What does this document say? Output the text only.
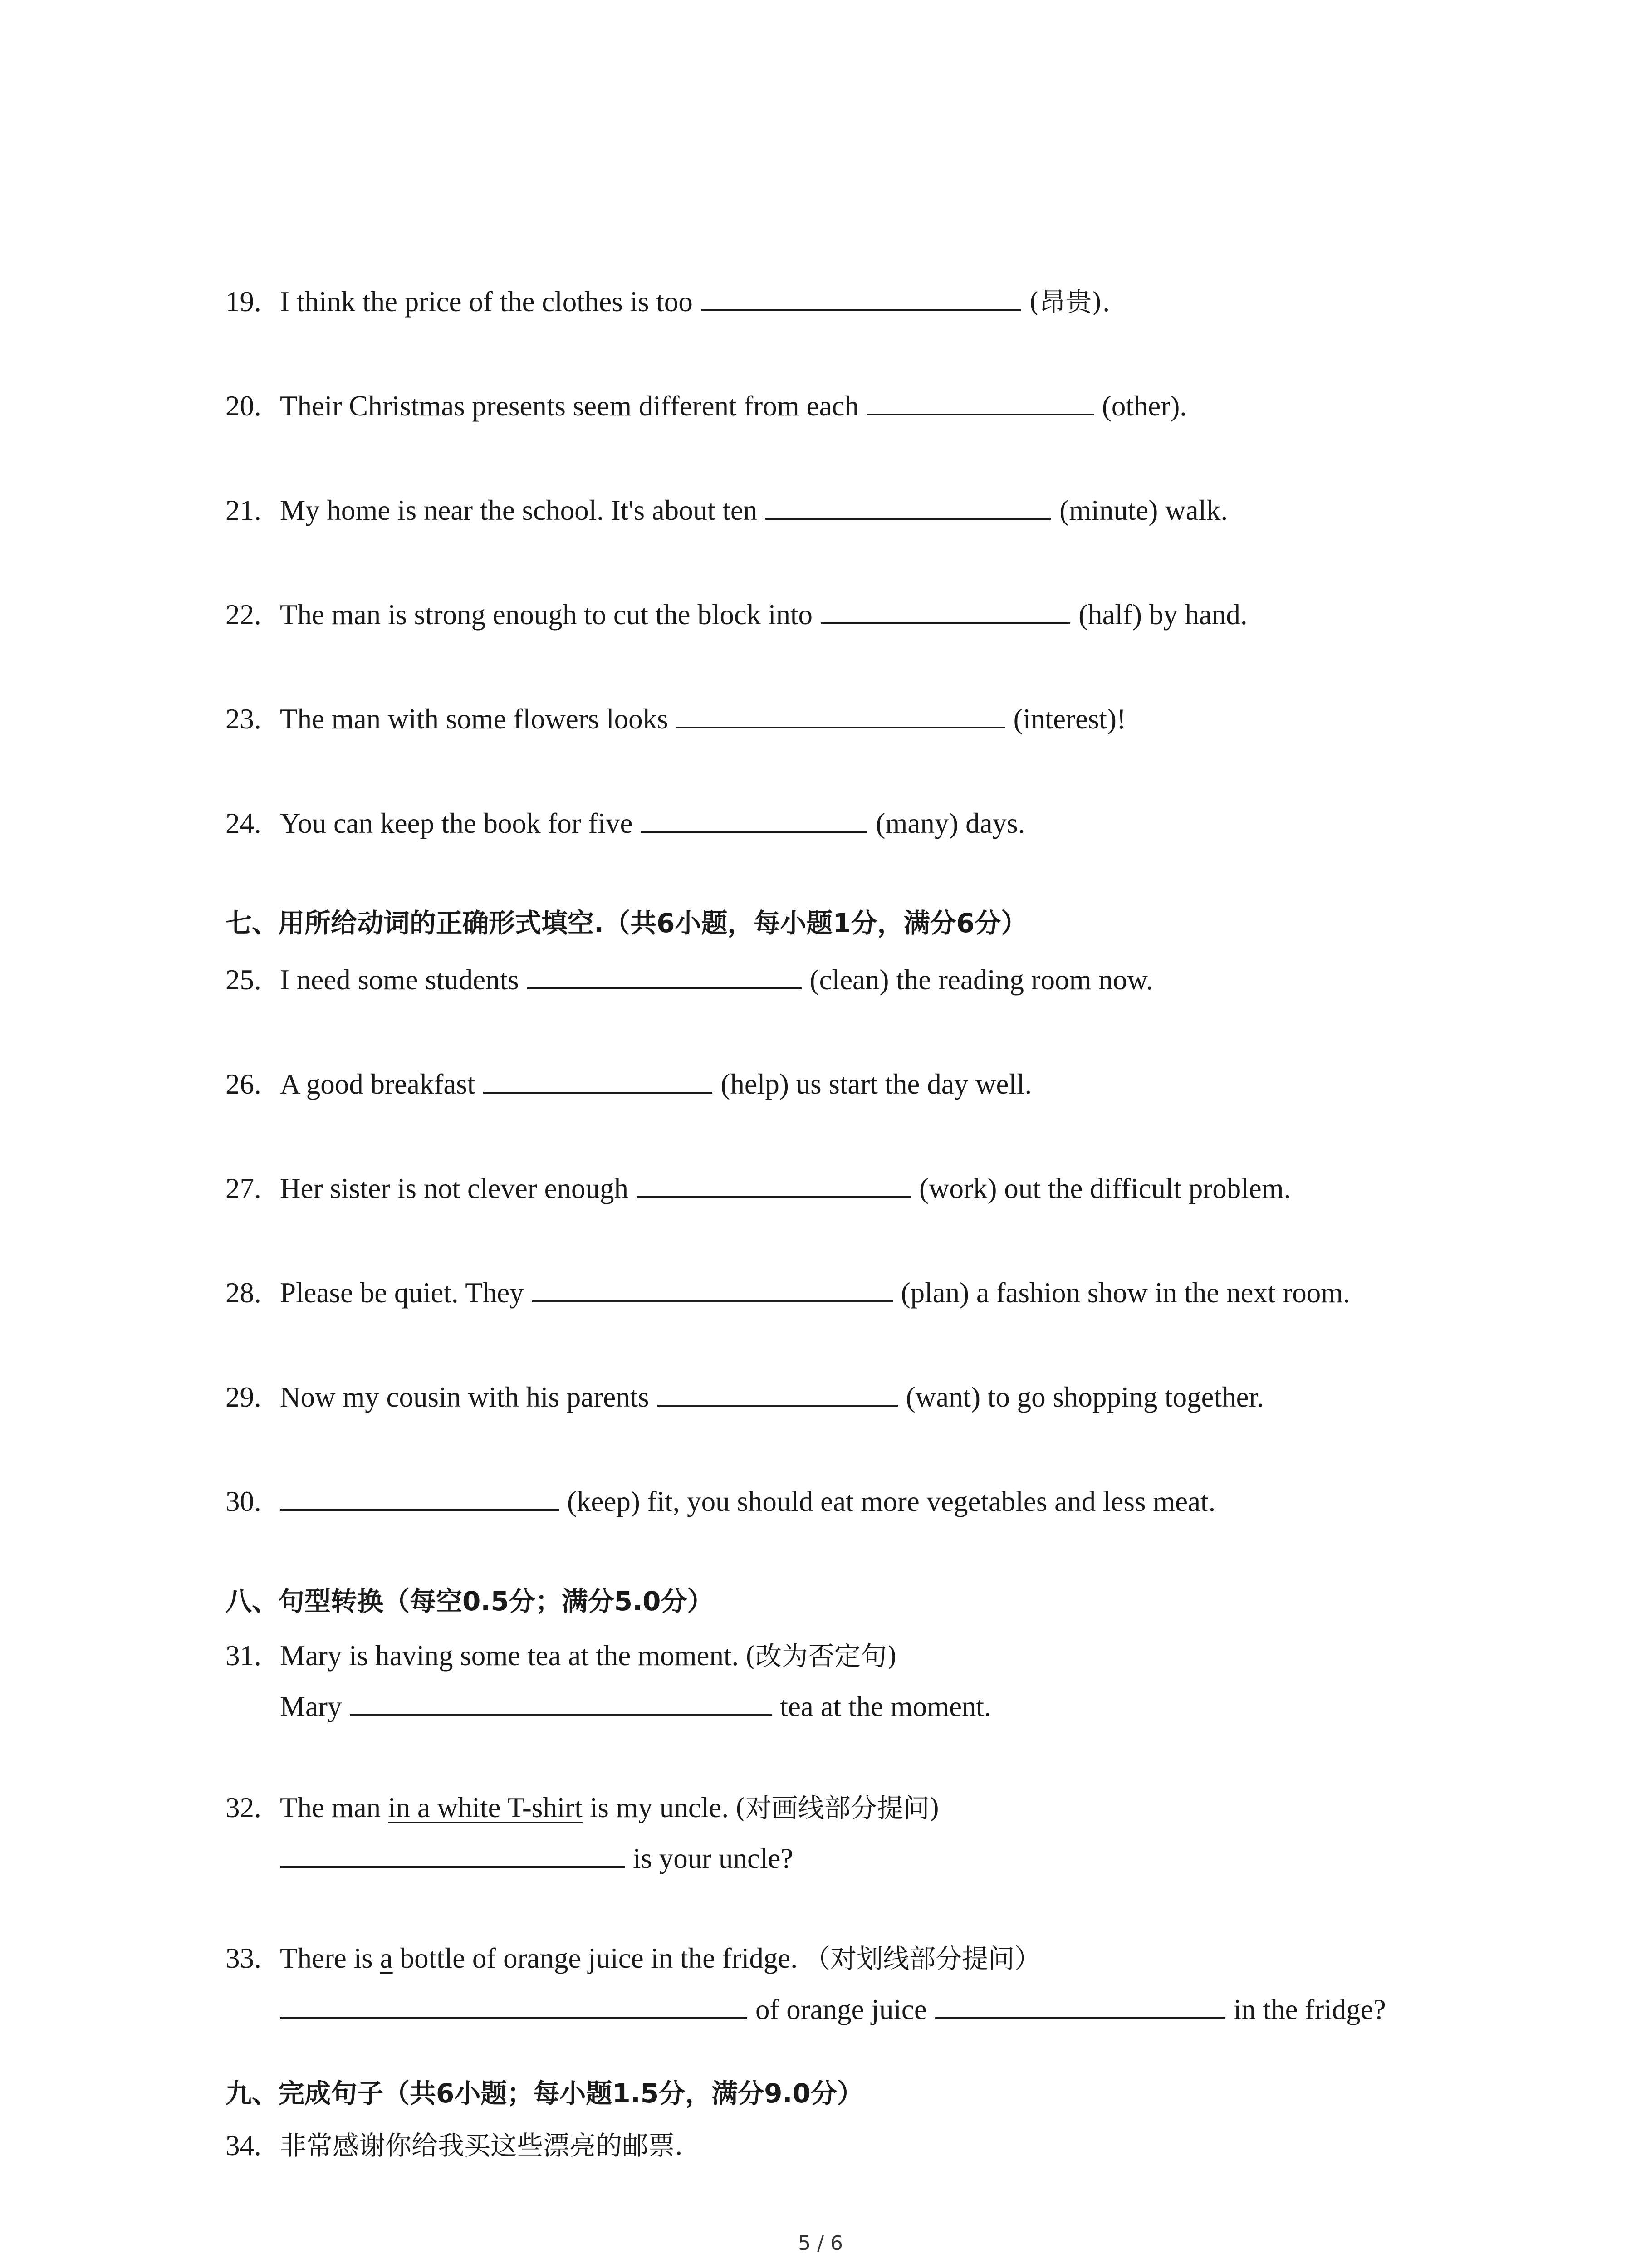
19. I think the price of the clothes is too	(昂贵).
20. Their Christmas presents seem different from each	(other).
21. My home is near the school. It's about ten	(minute) walk.
22. The man is strong enough to cut the block into	(half) by hand.
23. The man with some flowers looks	(interest)!
24. You can keep the book for five	(many) days.
七、用所给动词的正确形式填空.（共6小题，每小题1分，满分6分）
25. I need some students	(clean) the reading room now.
26. A good breakfast	(help) us start the day well.
27. Her sister is not clever enough	(work) out the difficult problem.
28. Please be quiet. They	(plan) a fashion show in the next room.
29. Now my cousin with his parents	(want) to go shopping together.
30.	(keep) fit, you should eat more vegetables and less meat.
八、句型转换（每空0.5分；满分5.0分）
31. Mary is having some tea at the moment. (改为否定句)
Mary	tea at the moment.
32. The man in a white T-shirt is my uncle. (对画线部分提问)
is your uncle?
33. There is a bottle of orange juice in the fridge. （对划线部分提问）
of orange juice	in the fridge?
九、完成句子（共6小题；每小题1.5分，满分9.0分）
34. 非常感谢你给我买这些漂亮的邮票.
5 / 6
